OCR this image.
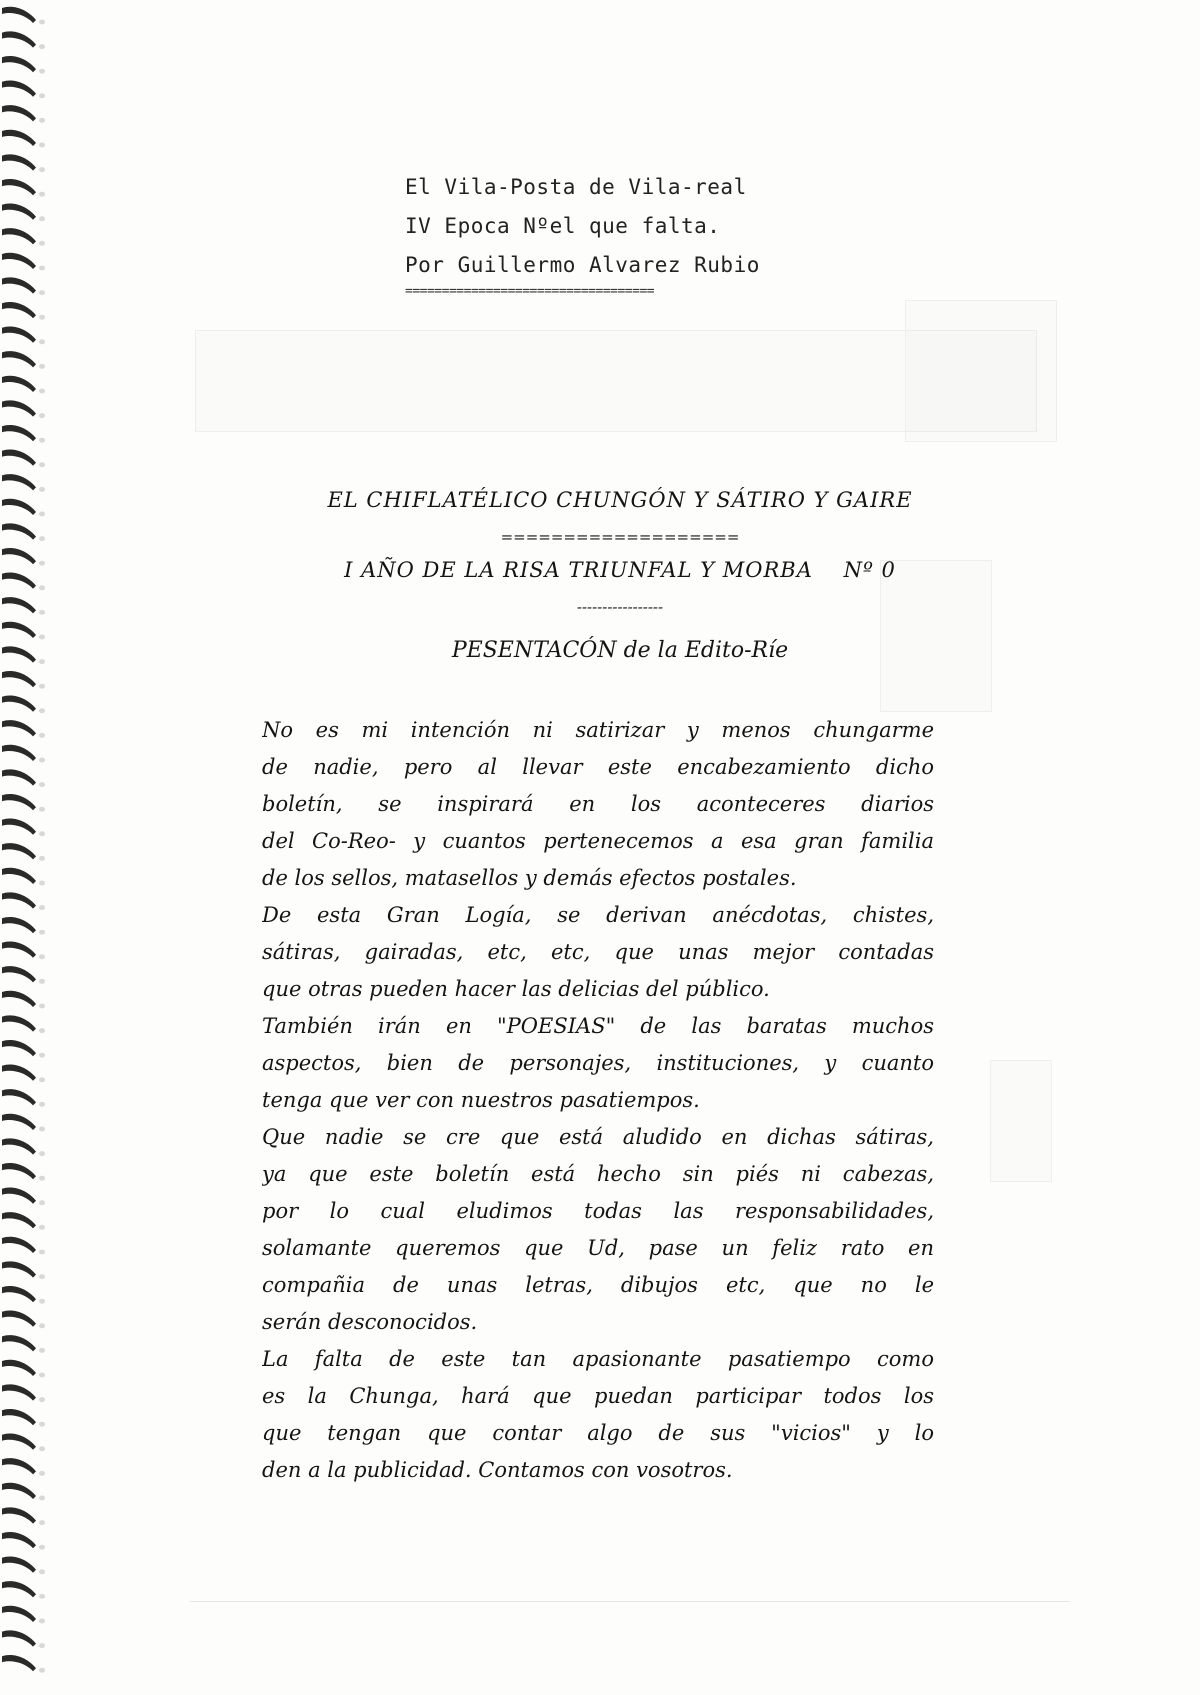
El Vila-Posta de Vila-real
IV Epoca Nºel que falta.
Por Guillermo Alvarez Rubio
==================================
EL CHIFLATÉLICO CHUNGÓN Y SÁTIRO Y GAIRE
===================
I AÑO DE LA RISA TRIUNFAL Y MORBA    Nº 0
-----------------
PESENTACÓN de la Edito-Ríe
No es mi intención ni satirizar y menos chungarme
de nadie, pero al llevar este encabezamiento dicho
boletín, se inspirará en los aconteceres diarios
del Co-Reo- y cuantos pertenecemos a esa gran familia
de los sellos, matasellos y demás efectos postales.
De esta Gran Logía, se derivan anécdotas, chistes,
sátiras, gairadas, etc, etc, que unas mejor contadas
que otras pueden hacer las delicias del público.
También irán en "POESIAS" de las baratas muchos
aspectos, bien de personajes, instituciones, y cuanto
tenga que ver con nuestros pasatiempos.
Que nadie se cre que está aludido en dichas sátiras,
ya que este boletín está hecho sin piés ni cabezas,
por lo cual eludimos todas las responsabilidades,
solamante queremos que Ud, pase un feliz rato en
compañia de unas letras, dibujos etc, que no le
serán desconocidos.
La falta de este tan apasionante pasatiempo como
es la Chunga, hará que puedan participar todos los
que tengan que contar algo de sus "vicios" y lo
den a la publicidad. Contamos con vosotros.
